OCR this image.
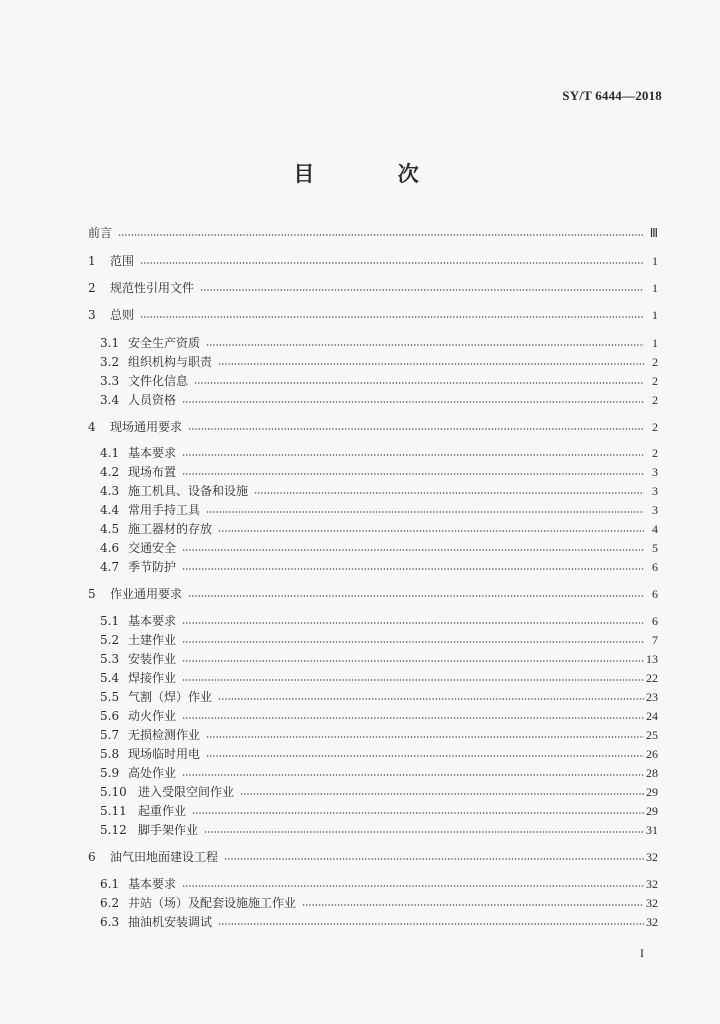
SY/T 6444—2018
目 次
前言	Ⅲ
1	范围	1
2	规范性引用文件	1
3	总则	1
3.1 安全生产资质	1
3.2 组织机构与职责	2
3.3 文件化信息	2
3.4 人员资格	2
4	现场通用要求	2
4.1 基本要求	2
4.2 现场布置	3
4.3 施工机具、设备和设施	3
4.4 常用手持工具	3
4.5 施工器材的存放	4
4.6 交通安全	5
4.7 季节防护	6
5	作业通用要求	6
5.1 基本要求	6
5.2 土建作业	7
5.3 安装作业	13
5.4 焊接作业	22
5.5 气割（焊）作业	23
5.6 动火作业	24
5.7 无损检测作业	25
5.8 现场临时用电	26
5.9 高处作业	28
5.10 进入受限空间作业	29
5.11 起重作业	29
5.12 脚手架作业	31
6	油气田地面建设工程	32
6.1 基本要求	32
6.2 井站（场）及配套设施施工作业	32
6.3 抽油机安装调试	32
I
